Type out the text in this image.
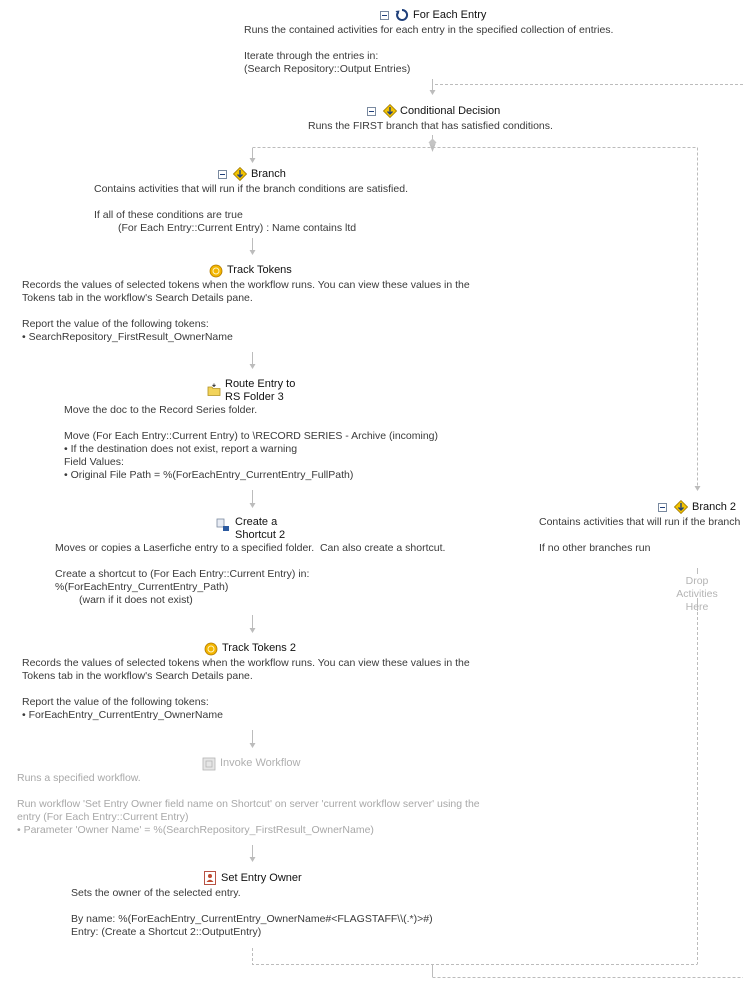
For Each Entry
Runs the contained activities for each entry in the specified collection of entries.
Iterate through the entries in:
(Search Repository::Output Entries)
Conditional Decision
Runs the FIRST branch that has satisfied conditions.
Branch
Contains activities that will run if the branch conditions are satisfied.
If all of these conditions are true
(For Each Entry::Current Entry) : Name contains ltd
Track Tokens
Records the values of selected tokens when the workflow runs. You can view these values in the
Tokens tab in the workflow's Search Details pane.
Report the value of the following tokens:
• SearchRepository_FirstResult_OwnerName
Route Entry to
RS Folder 3
Move the doc to the Record Series folder.
Move (For Each Entry::Current Entry) to \RECORD SERIES - Archive (incoming)
• If the destination does not exist, report a warning
Field Values:
• Original File Path = %(ForEachEntry_CurrentEntry_FullPath)
Create a
Shortcut 2
Moves or copies a Laserfiche entry to a specified folder.  Can also create a shortcut.
Create a shortcut to (For Each Entry::Current Entry) in:
%(ForEachEntry_CurrentEntry_Path)
(warn if it does not exist)
Track Tokens 2
Records the values of selected tokens when the workflow runs. You can view these values in the
Tokens tab in the workflow's Search Details pane.
Report the value of the following tokens:
• ForEachEntry_CurrentEntry_OwnerName
Invoke Workflow
Runs a specified workflow.
Run workflow 'Set Entry Owner field name on Shortcut' on server 'current workflow server' using the
entry (For Each Entry::Current Entry)
• Parameter 'Owner Name' = %(SearchRepository_FirstResult_OwnerName)
Set Entry Owner
Sets the owner of the selected entry.
By name: %(ForEachEntry_CurrentEntry_OwnerName#<FLAGSTAFF\\(.*)>#)
Entry: (Create a Shortcut 2::OutputEntry)
Branch 2
Contains activities that will run if the branch
If no other branches run
Drop
Activities
Here
